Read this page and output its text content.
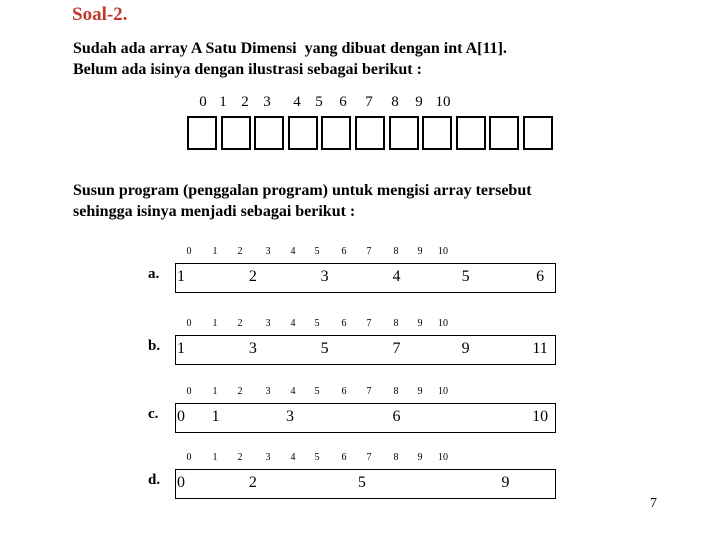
Soal-2.
Sudah ada array A Satu Dimensi  yang dibuat dengan int A[11].
Belum ada isinya dengan ilustrasi sebagai berikut :
0 1 2 3	4 5	6	7	8	9 10
Susun program (penggalan program) untuk mengisi array tersebut
sehingga isinya menjadi sebagai berikut :
a.
0	1	2	3	4	5	6	7	8	9	10
1	2	3	4	5	6
b.
0	1	2	3	4	5	6	7	8	9	10
1	3	5	7	9	11
c.
0	1	2	3	4	5	6	7	8	9	10
0	1	3	6	10
d.
0	1	2	3	4	5	6	7	8	9	10
0	2	5	9
7
